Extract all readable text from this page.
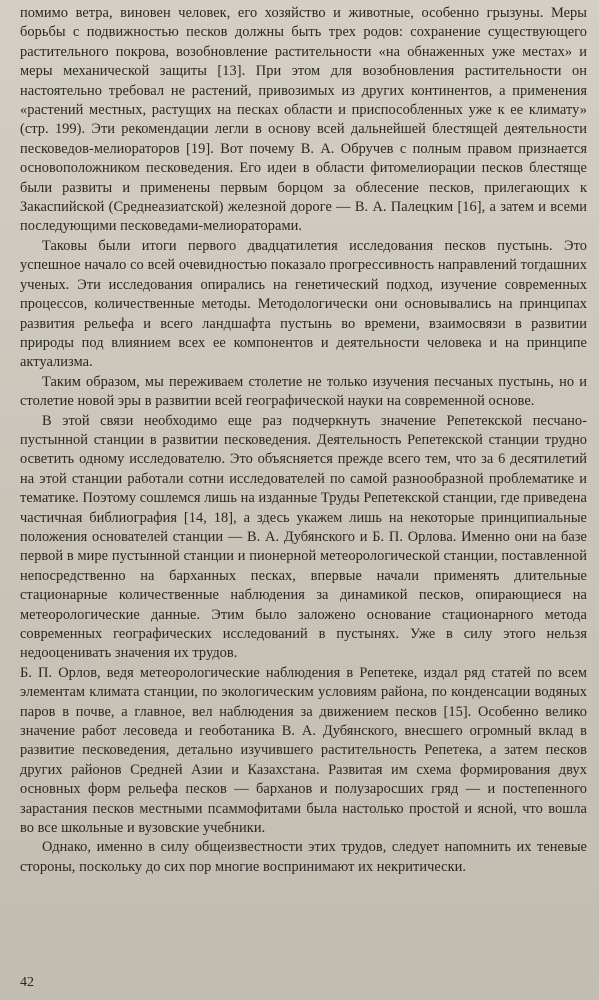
помимо ветра, виновен человек, его хозяйство и животные, особенно грызуны. Меры борьбы с подвижностью песков должны быть трех родов: сохранение существующего растительного покрова, возобновление растительности «на обнаженных уже местах» и меры механической защиты [13]. При этом для возобновления растительности он настоятельно требовал не растений, привозимых из других континентов, а применения «растений местных, растущих на песках области и приспособленных уже к ее климату» (стр. 199). Эти рекомендации легли в основу всей дальнейшей блестящей деятельности песковедов-мелиораторов [19]. Вот почему В. А. Обручев с полным правом признается основоположником песковедения. Его идеи в области фитомелиорации песков блестяще были развиты и применены первым борцом за облесение песков, прилегающих к Закаспийской (Среднеазиатской) железной дороге — В. А. Палецким [16], а затем и всеми последующими песковедами-мелиораторами.

Таковы были итоги первого двадцатилетия исследования песков пустынь. Это успешное начало со всей очевидностью показало прогрессивность направлений тогдашних ученых. Эти исследования опирались на генетический подход, изучение современных процессов, количественные методы. Методологически они основывались на принципах развития рельефа и всего ландшафта пустынь во времени, взаимосвязи в развитии природы под влиянием всех ее компонентов и деятельности человека и на принципе актуализма.

Таким образом, мы переживаем столетие не только изучения песчаных пустынь, но и столетие новой эры в развитии всей географической науки на современной основе.

В этой связи необходимо еще раз подчеркнуть значение Репетекской песчано-пустынной станции в развитии песковедения. Деятельность Репетекской станции трудно осветить одному исследователю. Это объясняется прежде всего тем, что за 6 десятилетий на этой станции работали сотни исследователей по самой разнообразной проблематике и тематике. Поэтому сошлемся лишь на изданные Труды Репетекской станции, где приведена частичная библиография [14, 18], а здесь укажем лишь на некоторые принципиальные положения основателей станции — В. А. Дубянского и Б. П. Орлова. Именно они на базе первой в мире пустынной станции и пионерной метеорологической станции, поставленной непосредственно на барханных песках, впервые начали применять длительные стационарные количественные наблюдения за динамикой песков, опирающиеся на метеорологические данные. Этим было заложено основание стационарного метода современных географических исследований в пустынях. Уже в силу этого нельзя недооценивать значения их трудов.

Б. П. Орлов, ведя метеорологические наблюдения в Репетеке, издал ряд статей по всем элементам климата станции, по экологическим условиям района, по конденсации водяных паров в почве, а главное, вел наблюдения за движением песков [15]. Особенно велико значение работ лесоведа и геоботаника В. А. Дубянского, внесшего огромный вклад в развитие песковедения, детально изучившего растительность Репетека, а затем песков других районов Средней Азии и Казахстана. Развитая им схема формирования двух основных форм рельефа песков — барханов и полузаросших гряд — и постепенного зарастания песков местными псаммофитами была настолько простой и ясной, что вошла во все школьные и вузовские учебники.

Однако, именно в силу общеизвестности этих трудов, следует напомнить их теневые стороны, поскольку до сих пор многие воспринимают их некритически.

42
